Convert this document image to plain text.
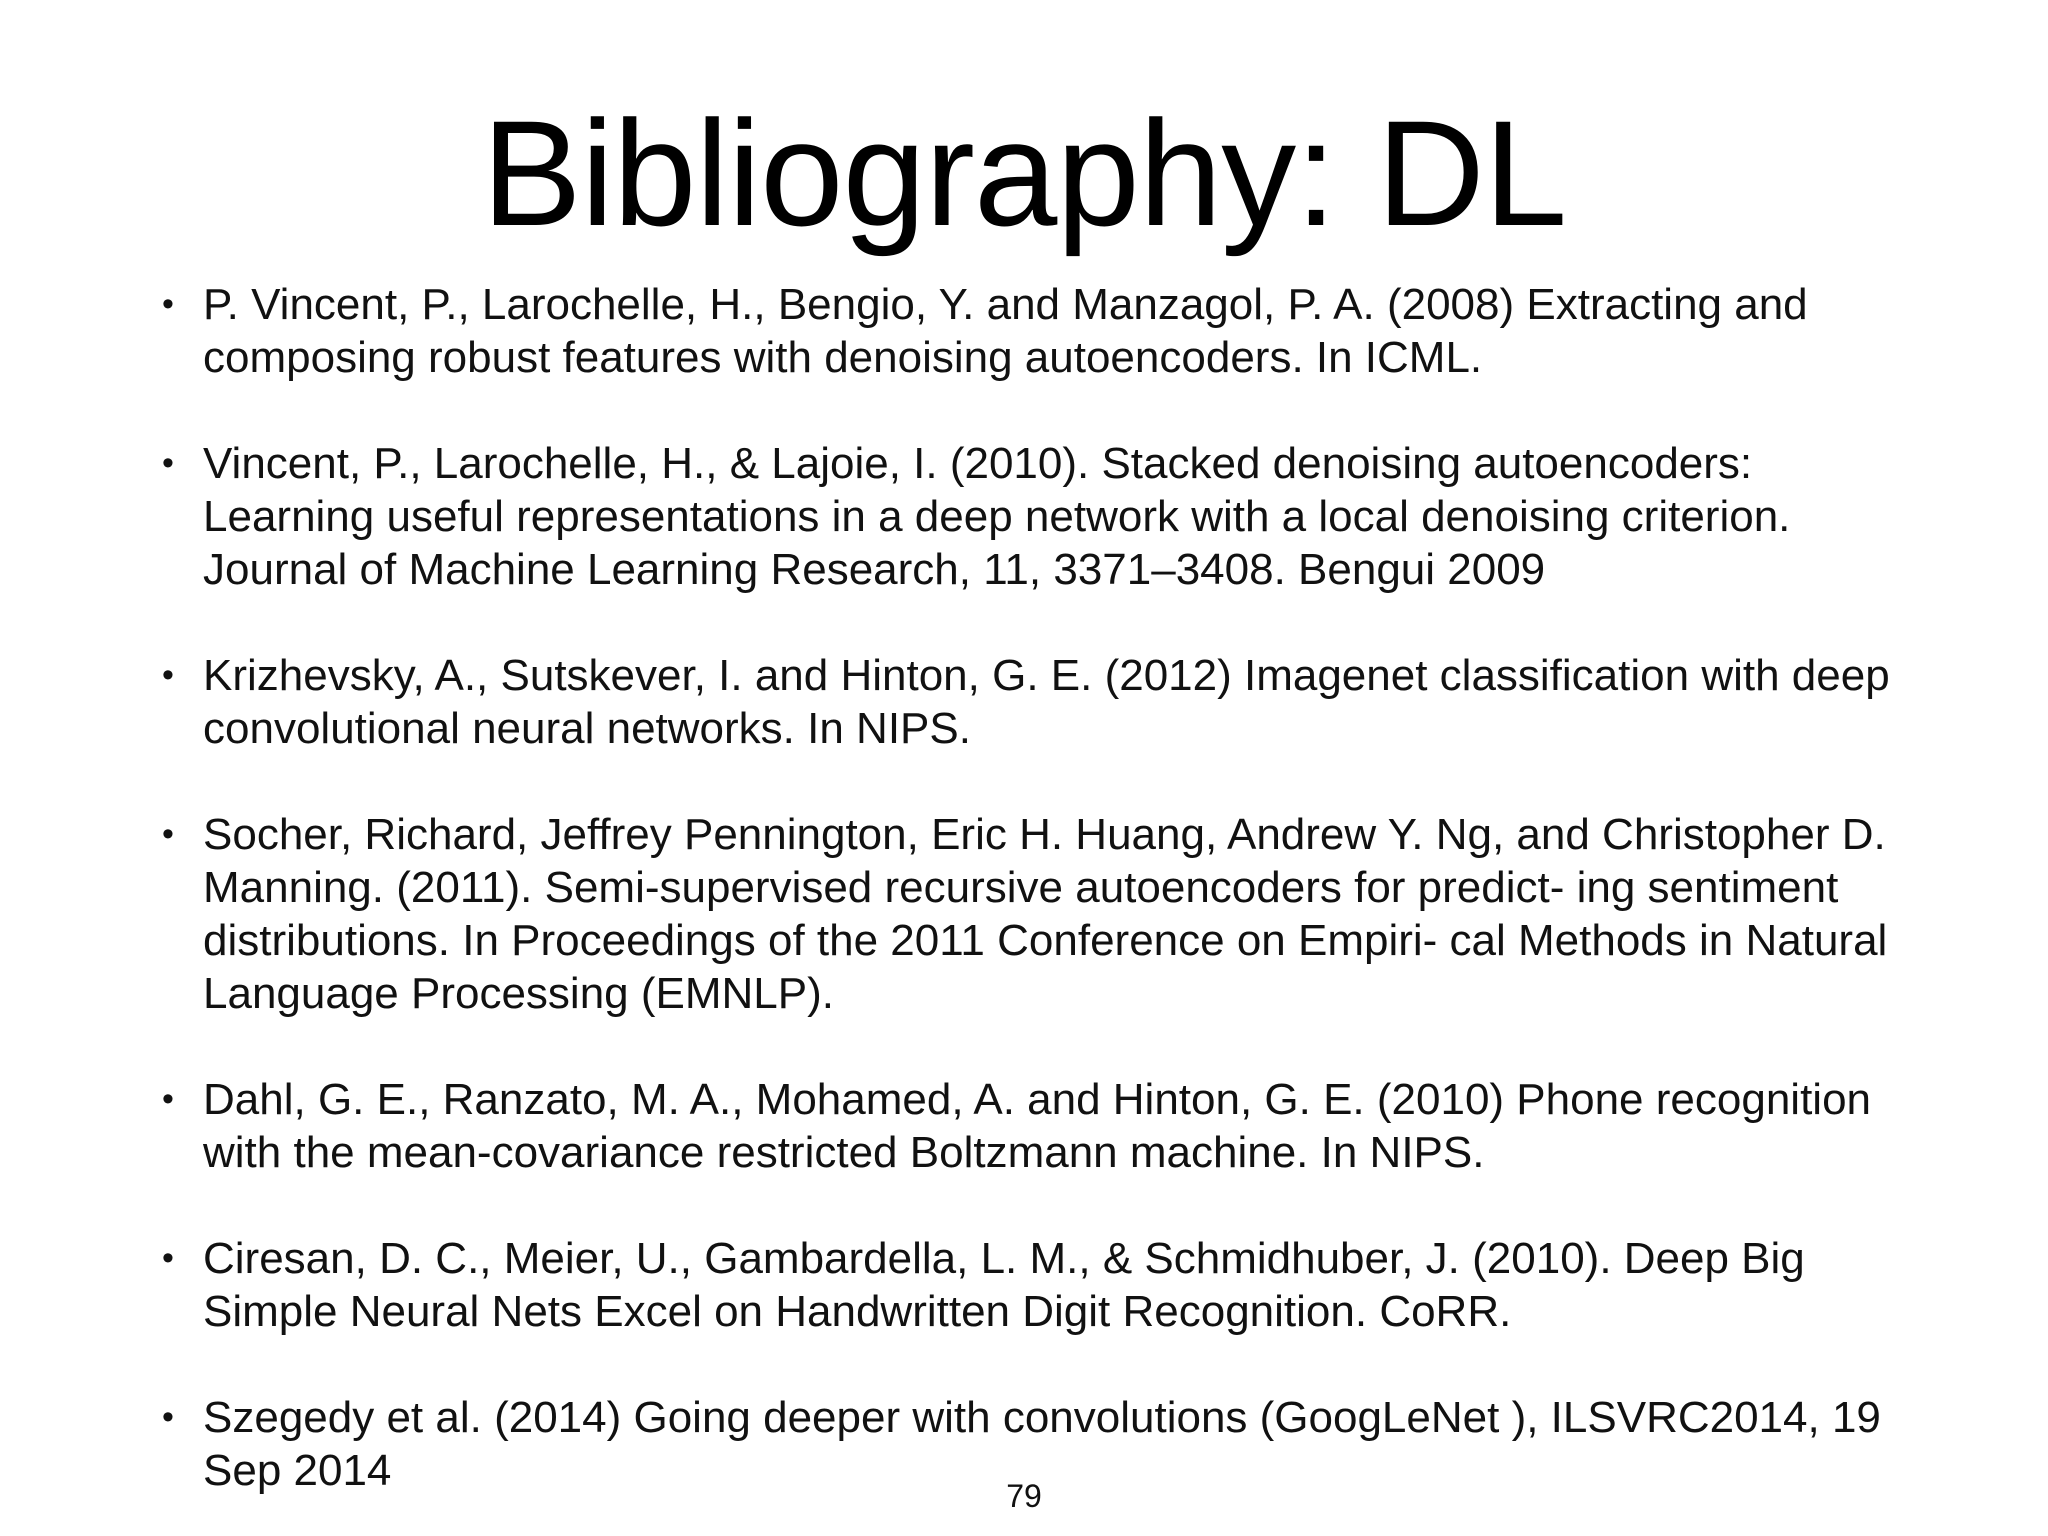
Bibliography: DL
• P. Vincent, P., Larochelle, H., Bengio, Y. and Manzagol, P. A. (2008) Extracting and composing robust features with denoising autoencoders. In ICML.
• Vincent, P., Larochelle, H., & Lajoie, I. (2010). Stacked denoising autoencoders: Learning useful representations in a deep network with a local denoising criterion. Journal of Machine Learning Research, 11, 3371–3408. Bengui 2009
• Krizhevsky, A., Sutskever, I. and Hinton, G. E. (2012) Imagenet classification with deep convolutional neural networks. In NIPS.
• Socher, Richard, Jeffrey Pennington, Eric H. Huang, Andrew Y. Ng, and Christopher D. Manning. (2011). Semi-supervised recursive autoencoders for predict- ing sentiment distributions. In Proceedings of the 2011 Conference on Empiri- cal Methods in Natural Language Processing (EMNLP).
• Dahl, G. E., Ranzato, M. A., Mohamed, A. and Hinton, G. E. (2010) Phone recognition with the mean-covariance restricted Boltzmann machine. In NIPS.
• Ciresan, D. C., Meier, U., Gambardella, L. M., & Schmidhuber, J. (2010). Deep Big Simple Neural Nets Excel on Handwritten Digit Recognition. CoRR.
• Szegedy et al. (2014) Going deeper with convolutions (GoogLeNet ), ILSVRC2014, 19 Sep 2014
79
